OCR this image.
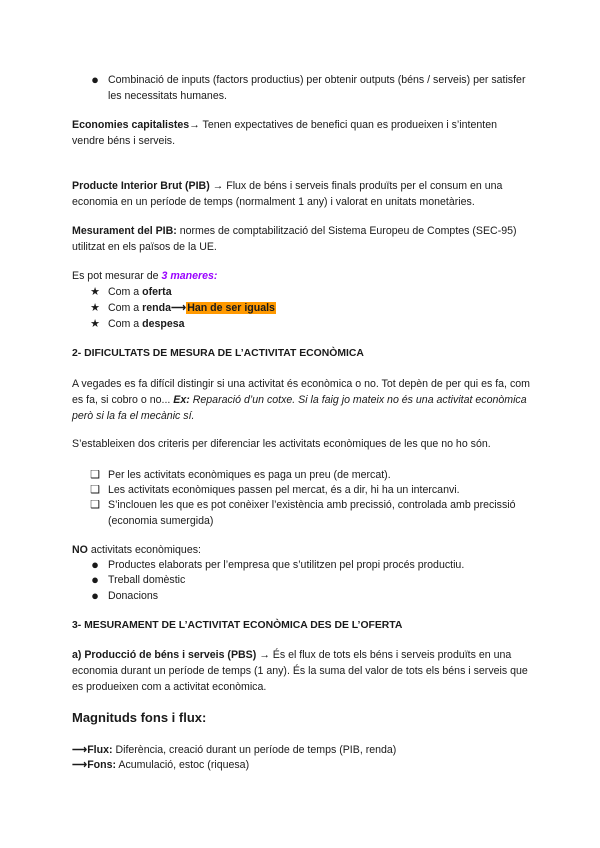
● Combinació de inputs (factors productius) per obtenir outputs (béns / serveis) per satisfer les necessitats humanes.

Economies capitalistes→ Tenen expectatives de benefici quan es produeixen i s’intenten vendre béns i serveis.

Producte Interior Brut (PIB) → Flux de béns i serveis finals produïts per el consum en una economia en un període de temps (normalment 1 any) i valorat en unitats monetàries.

Mesurament del PIB: normes de comptabilització del Sistema Europeu de Comptes (SEC-95) utilitzat en els països de la UE.

Es pot mesurar de 3 maneres:

★ Com a oferta
★ Com a renda⟶Han de ser iguals
★ Com a despesa

2- DIFICULTATS DE MESURA DE L’ACTIVITAT ECONÒMICA

A vegades es fa difícil distingir si una activitat és econòmica o no. Tot depèn de per qui es fa, com es fa, si cobro o no... Ex: Reparació d’un cotxe. Si la faig jo mateix no és una activitat econòmica però si la fa el mecànic sí.

S’estableixen dos criteris per diferenciar les activitats econòmiques de les que no ho són.

❑ Per les activitats econòmiques es paga un preu (de mercat).
❑ Les activitats econòmiques passen pel mercat, és a dir, hi ha un intercanvi.
❑ S’inclouen les que es pot conèixer l’existència amb precissió, controlada amb precissió (economia sumergida)

NO activitats econòmiques:

● Productes elaborats per l’empresa que s’utilitzen pel propi procés productiu.
● Treball domèstic
● Donacions

3- MESURAMENT DE L’ACTIVITAT ECONÒMICA DES DE L’OFERTA

a) Producció de béns i serveis (PBS) → És el flux de tots els béns i serveis produïts en una economia durant un període de temps (1 any). És la suma del valor de tots els béns i serveis que es produeixen com a activitat econòmica.

Magnituds fons i flux:

⟶Flux: Diferència, creació durant un període de temps (PIB, renda)

⟶Fons: Acumulació, estoc (riquesa)
